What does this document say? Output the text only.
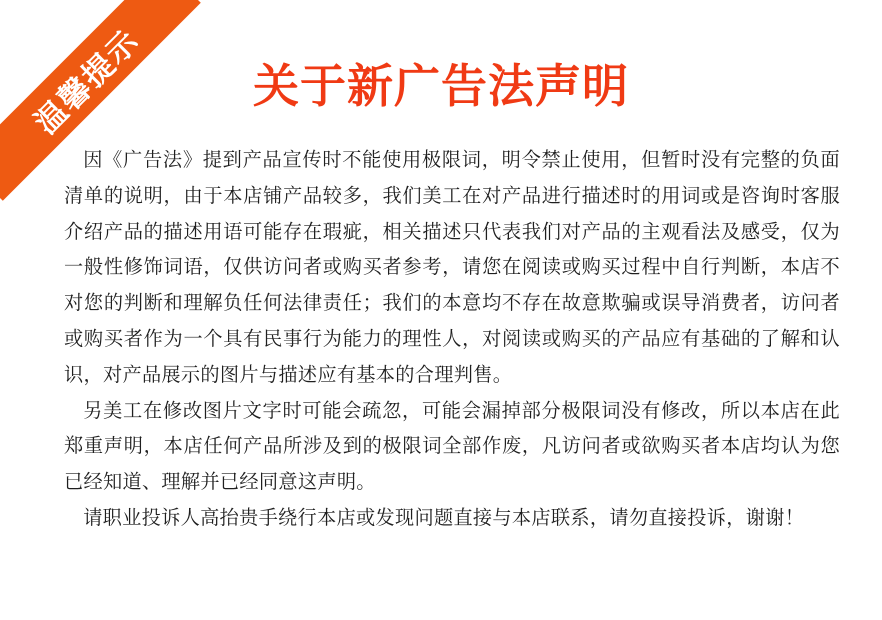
温馨提示	关于新广告法声明

因《广告法》提到产品宣传时不能使用极限词，明令禁止使用，但暂时没有完整的负面清单的说明，由于本店铺产品较多，我们美工在对产品进行描述时的用词或是咨询时客服介绍产品的描述用语可能存在瑕疵，相关描述只代表我们对产品的主观看法及感受，仅为一般性修饰词语，仅供访问者或购买者参考，请您在阅读或购买过程中自行判断，本店不对您的判断和理解负任何法律责任；我们的本意均不存在故意欺骗或误导消费者，访问者或购买者作为一个具有民事行为能力的理性人，对阅读或购买的产品应有基础的了解和认识，对产品展示的图片与描述应有基本的合理判售。

另美工在修改图片文字时可能会疏忽，可能会漏掉部分极限词没有修改，所以本店在此郑重声明，本店任何产品所涉及到的极限词全部作废，凡访问者或欲购买者本店均认为您已经知道、理解并已经同意这声明。

请职业投诉人高抬贵手绕行本店或发现问题直接与本店联系，请勿直接投诉，谢谢！
